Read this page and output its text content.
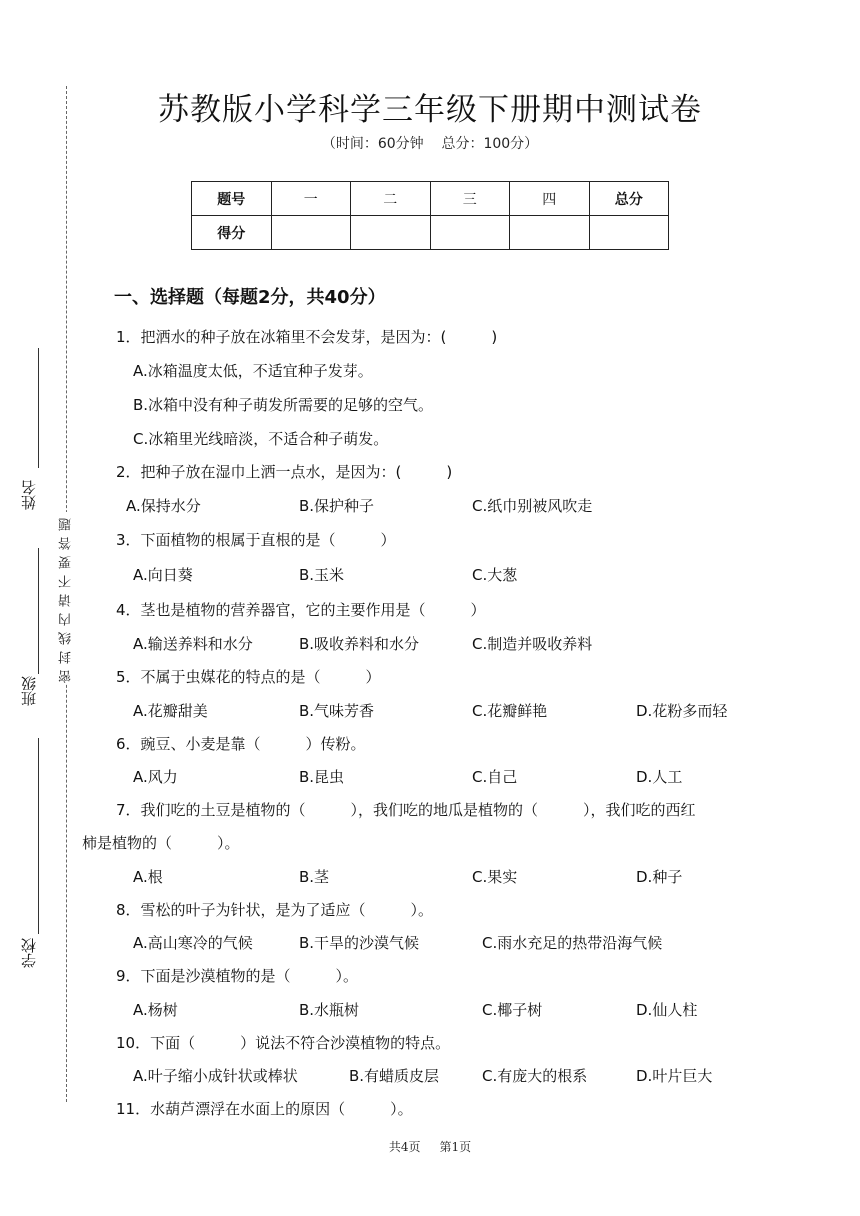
姓名
班级
学校
密封线内请不要答题
苏教版小学科学三年级下册期中测试卷
（时间：60分钟    总分：100分）
题号	一	二	三	四	总分
得分					
一、选择题（每题2分，共40分）
1．把洒水的种子放在冰箱里不会发芽，是因为：(　　　)
A.冰箱温度太低，不适宜种子发芽。
B.冰箱中没有种子萌发所需要的足够的空气。
C.冰箱里光线暗淡，不适合种子萌发。
2．把种子放在湿巾上洒一点水，是因为：(　　　)
A.保持水分	B.保护种子	C.纸巾别被风吹走
3．下面植物的根属于直根的是（　　　）
A.向日葵	B.玉米	C.大葱
4．茎也是植物的营养器官，它的主要作用是（　　　）
A.输送养料和水分	B.吸收养料和水分	C.制造并吸收养料
5．不属于虫媒花的特点的是（　　　）
A.花瓣甜美	B.气味芳香	C.花瓣鲜艳	D.花粉多而轻
6．豌豆、小麦是靠（　　　）传粉。
A.风力	B.昆虫	C.自己	D.人工
7．我们吃的土豆是植物的（　　　），我们吃的地瓜是植物的（　　　），我们吃的西红
柿是植物的（　　　）。
A.根	B.茎	C.果实	D.种子
8．雪松的叶子为针状，是为了适应（　　　）。
A.高山寒冷的气候	B.干旱的沙漠气候	C.雨水充足的热带沿海气候
9．下面是沙漠植物的是（　　　）。
A.杨树	B.水瓶树	C.椰子树	D.仙人柱
10．下面（　　　）说法不符合沙漠植物的特点。
A.叶子缩小成针状或棒状	B.有蜡质皮层	C.有庞大的根系	D.叶片巨大
11．水葫芦漂浮在水面上的原因（　　　）。
共4页     第1页
